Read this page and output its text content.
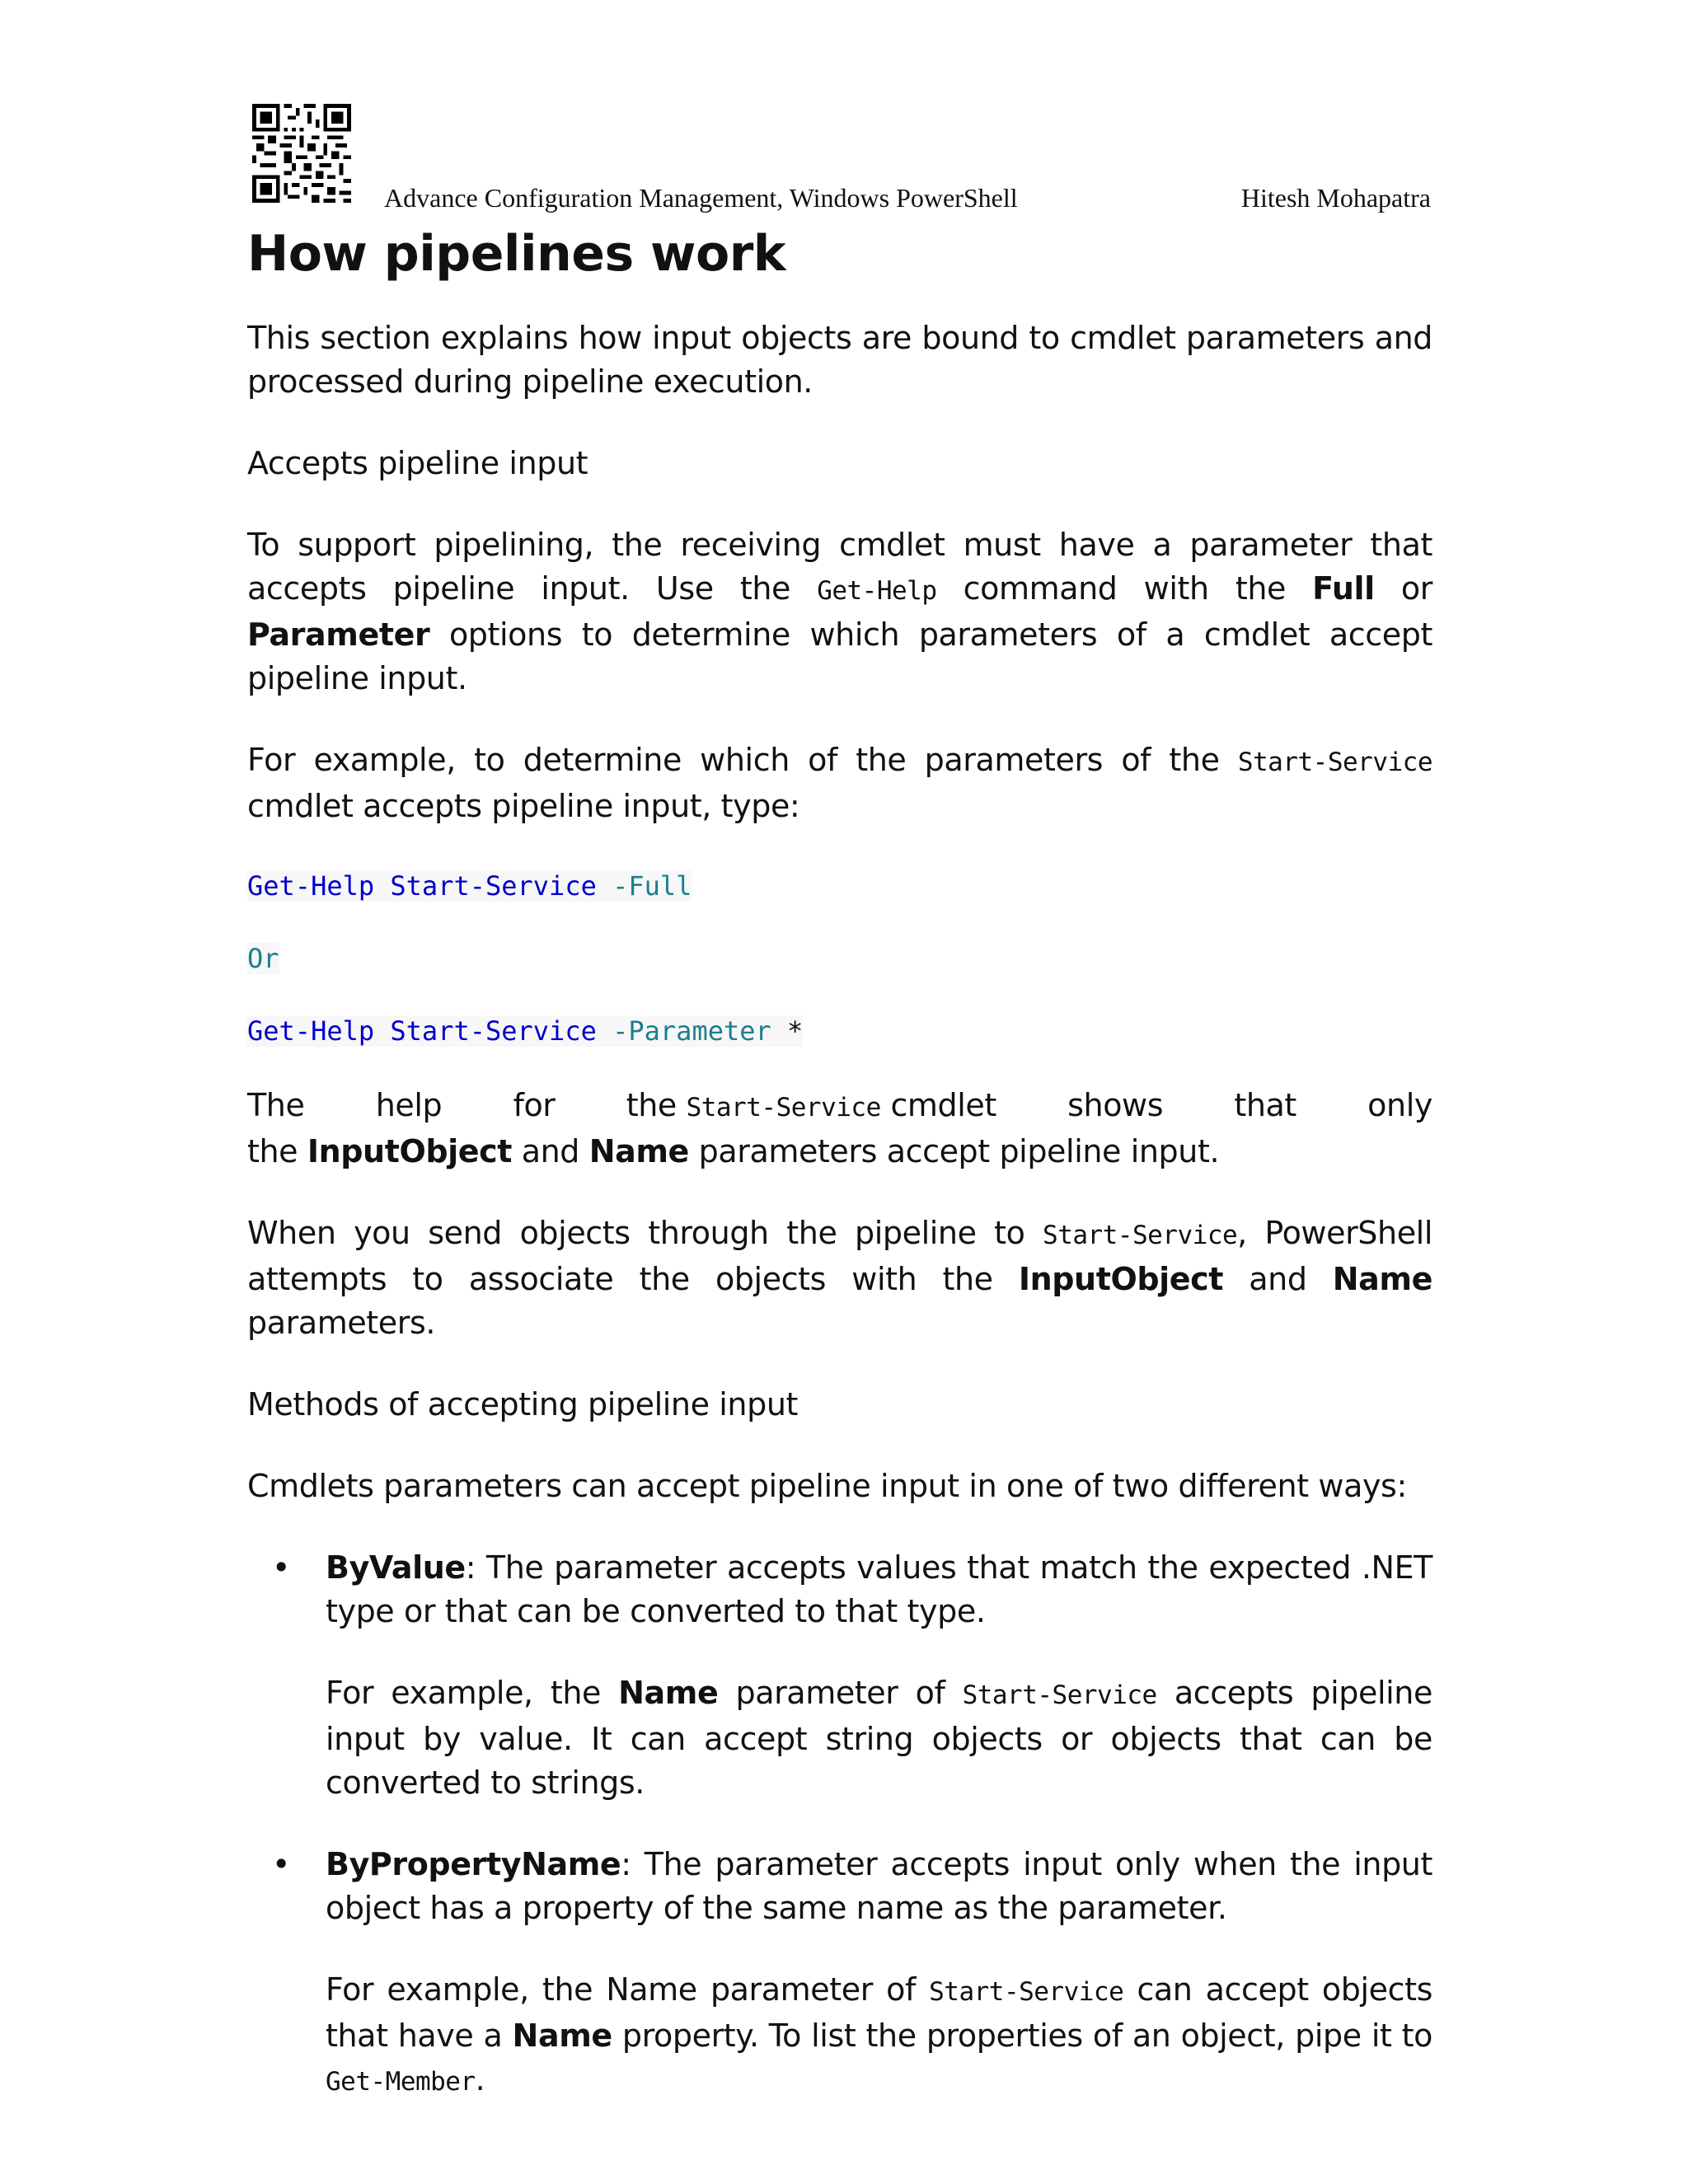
Advance Configuration Management, Windows PowerShell	Hitesh Mohapatra
How pipelines work

This section explains how input objects are bound to cmdlet parameters and processed during pipeline execution.

Accepts pipeline input

To support pipelining, the receiving cmdlet must have a parameter that accepts pipeline input. Use the Get-Help command with the Full or Parameter options to determine which parameters of a cmdlet accept pipeline input.

For example, to determine which of the parameters of the Start-Service cmdlet accepts pipeline input, type:

Get-Help Start-Service -Full
Or
Get-Help Start-Service -Parameter *
The help for the Start-Service cmdlet shows that only
the InputObject and Name parameters accept pipeline input.

When you send objects through the pipeline to Start-Service, PowerShell attempts to associate the objects with the InputObject and Name parameters.

Methods of accepting pipeline input

Cmdlets parameters can accept pipeline input in one of two different ways:

• ByValue: The parameter accepts values that match the expected .NET type or that can be converted to that type.

For example, the Name parameter of Start-Service accepts pipeline input by value. It can accept string objects or objects that can be converted to strings.

• ByPropertyName: The parameter accepts input only when the input object has a property of the same name as the parameter.

For example, the Name parameter of Start-Service can accept objects that have a Name property. To list the properties of an object, pipe it to Get-Member.
